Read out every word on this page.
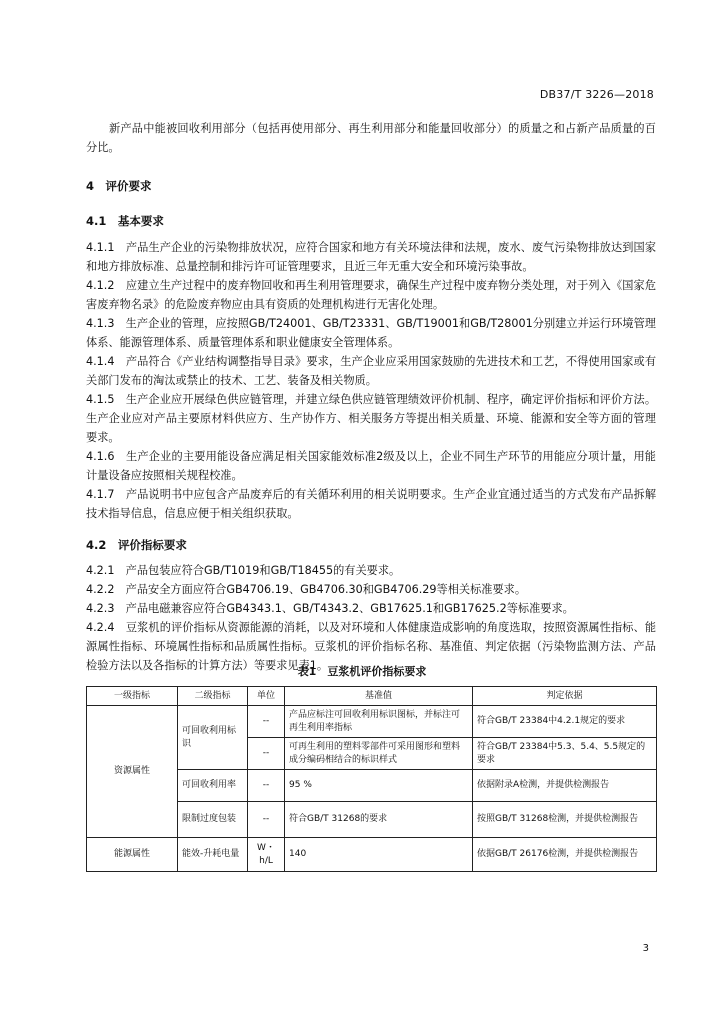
DB37/T 3226—2018
新产品中能被回收利用部分（包括再使用部分、再生利用部分和能量回收部分）的质量之和占新产品质量的百分比。
4　评价要求
4.1　基本要求
4.1.1　产品生产企业的污染物排放状况，应符合国家和地方有关环境法律和法规，废水、废气污染物排放达到国家和地方排放标准、总量控制和排污许可证管理要求，且近三年无重大安全和环境污染事故。
4.1.2　应建立生产过程中的废弃物回收和再生利用管理要求，确保生产过程中废弃物分类处理，对于列入《国家危害废弃物名录》的危险废弃物应由具有资质的处理机构进行无害化处理。
4.1.3　生产企业的管理，应按照GB/T24001、GB/T23331、GB/T19001和GB/T28001分别建立并运行环境管理体系、能源管理体系、质量管理体系和职业健康安全管理体系。
4.1.4　产品符合《产业结构调整指导目录》要求，生产企业应采用国家鼓励的先进技术和工艺，不得使用国家或有关部门发布的淘汰或禁止的技术、工艺、装备及相关物质。
4.1.5　生产企业应开展绿色供应链管理，并建立绿色供应链管理绩效评价机制、程序，确定评价指标和评价方法。生产企业应对产品主要原材料供应方、生产协作方、相关服务方等提出相关质量、环境、能源和安全等方面的管理要求。
4.1.6　生产企业的主要用能设备应满足相关国家能效标准2级及以上，企业不同生产环节的用能应分项计量，用能计量设备应按照相关规程校准。
4.1.7　产品说明书中应包含产品废弃后的有关循环利用的相关说明要求。生产企业宜通过适当的方式发布产品拆解技术指导信息，信息应便于相关组织获取。
4.2　评价指标要求
4.2.1　产品包装应符合GB/T1019和GB/T18455的有关要求。
4.2.2　产品安全方面应符合GB4706.19、GB4706.30和GB4706.29等相关标准要求。
4.2.3　产品电磁兼容应符合GB4343.1、GB/T4343.2、GB17625.1和GB17625.2等标准要求。
4.2.4　豆浆机的评价指标从资源能源的消耗，以及对环境和人体健康造成影响的角度选取，按照资源属性指标、能源属性指标、环境属性指标和品质属性指标。豆浆机的评价指标名称、基准值、判定依据（污染物监测方法、产品检验方法以及各指标的计算方法）等要求见表1。
表1　豆浆机评价指标要求
一级指标	二级指标	单位	基准值	判定依据
资源属性	可回收利用标识	--	产品应标注可回收利用标识图标，并标注可再生利用率指标	符合GB/T 23384中4.2.1规定的要求
		--	可再生利用的塑料零部件可采用图形和塑料成分编码相结合的标识样式	符合GB/T 23384中5.3、5.4、5.5规定的要求
	可回收利用率	--	95 %	依据附录A检测，并提供检测报告
	限制过度包装	--	符合GB/T 31268的要求	按照GB/T 31268检测，并提供检测报告
能源属性	能效-升耗电量	W・h/L	140	依据GB/T 26176检测，并提供检测报告
3
